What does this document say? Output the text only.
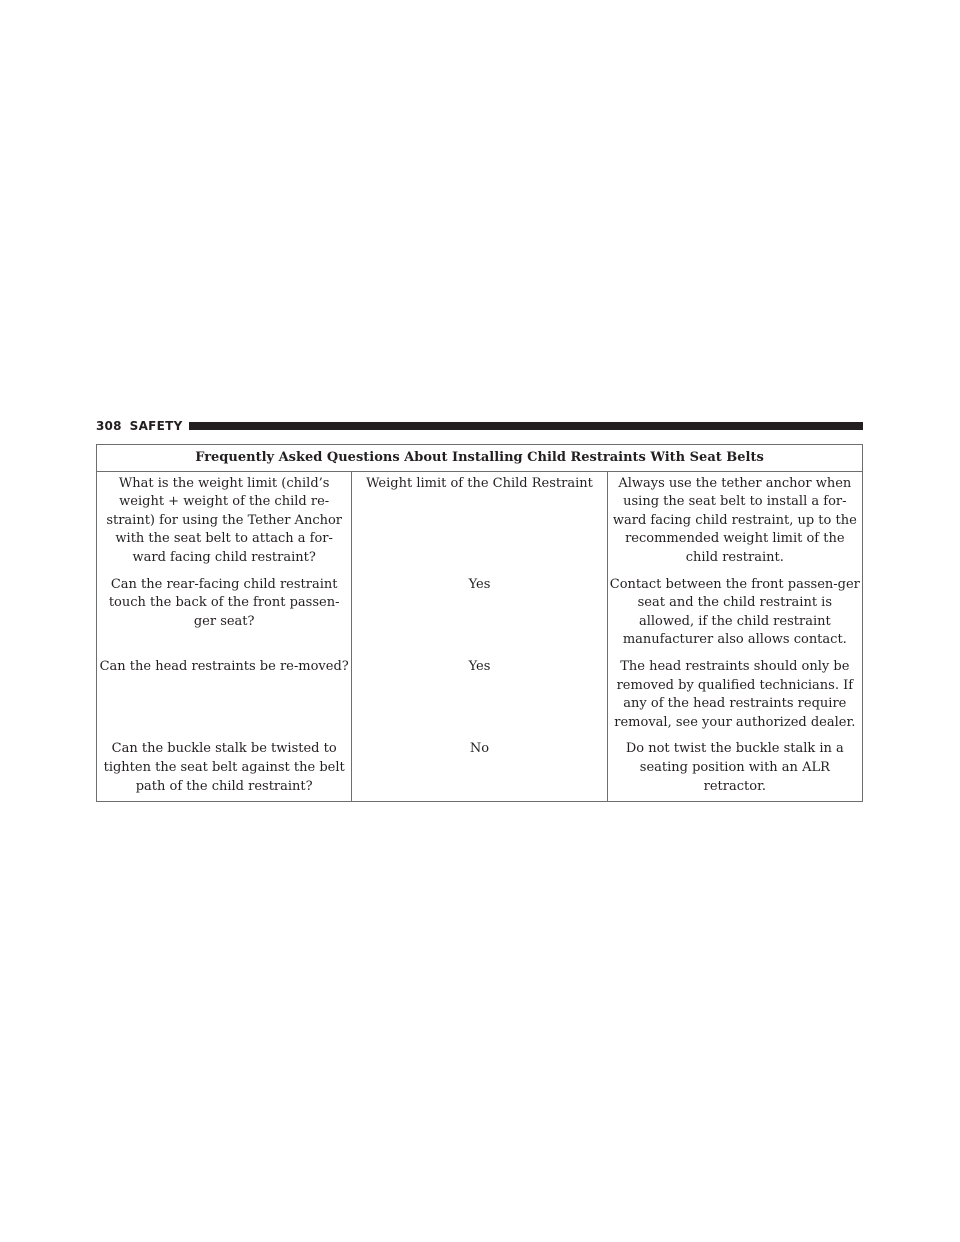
308 SAFETY
Frequently Asked Questions About Installing Child Restraints With Seat Belts		
What is the weight limit (child’s weight + weight of the child re-straint) for using the Tether Anchor with the seat belt to attach a for-ward facing child restraint?	Weight limit of the Child Restraint	Always use the tether anchor when using the seat belt to install a for-ward facing child restraint, up to the recommended weight limit of the child restraint.
Can the rear-facing child restraint touch the back of the front passen-ger seat?	Yes	Contact between the front passen-ger seat and the child restraint is allowed, if the child restraint manufacturer also allows contact.
Can the head restraints be re-moved?	Yes	The head restraints should only be removed by qualified technicians. If any of the head restraints require removal, see your authorized dealer.
Can the buckle stalk be twisted to tighten the seat belt against the belt path of the child restraint?	No	Do not twist the buckle stalk in a seating position with an ALR retractor.
